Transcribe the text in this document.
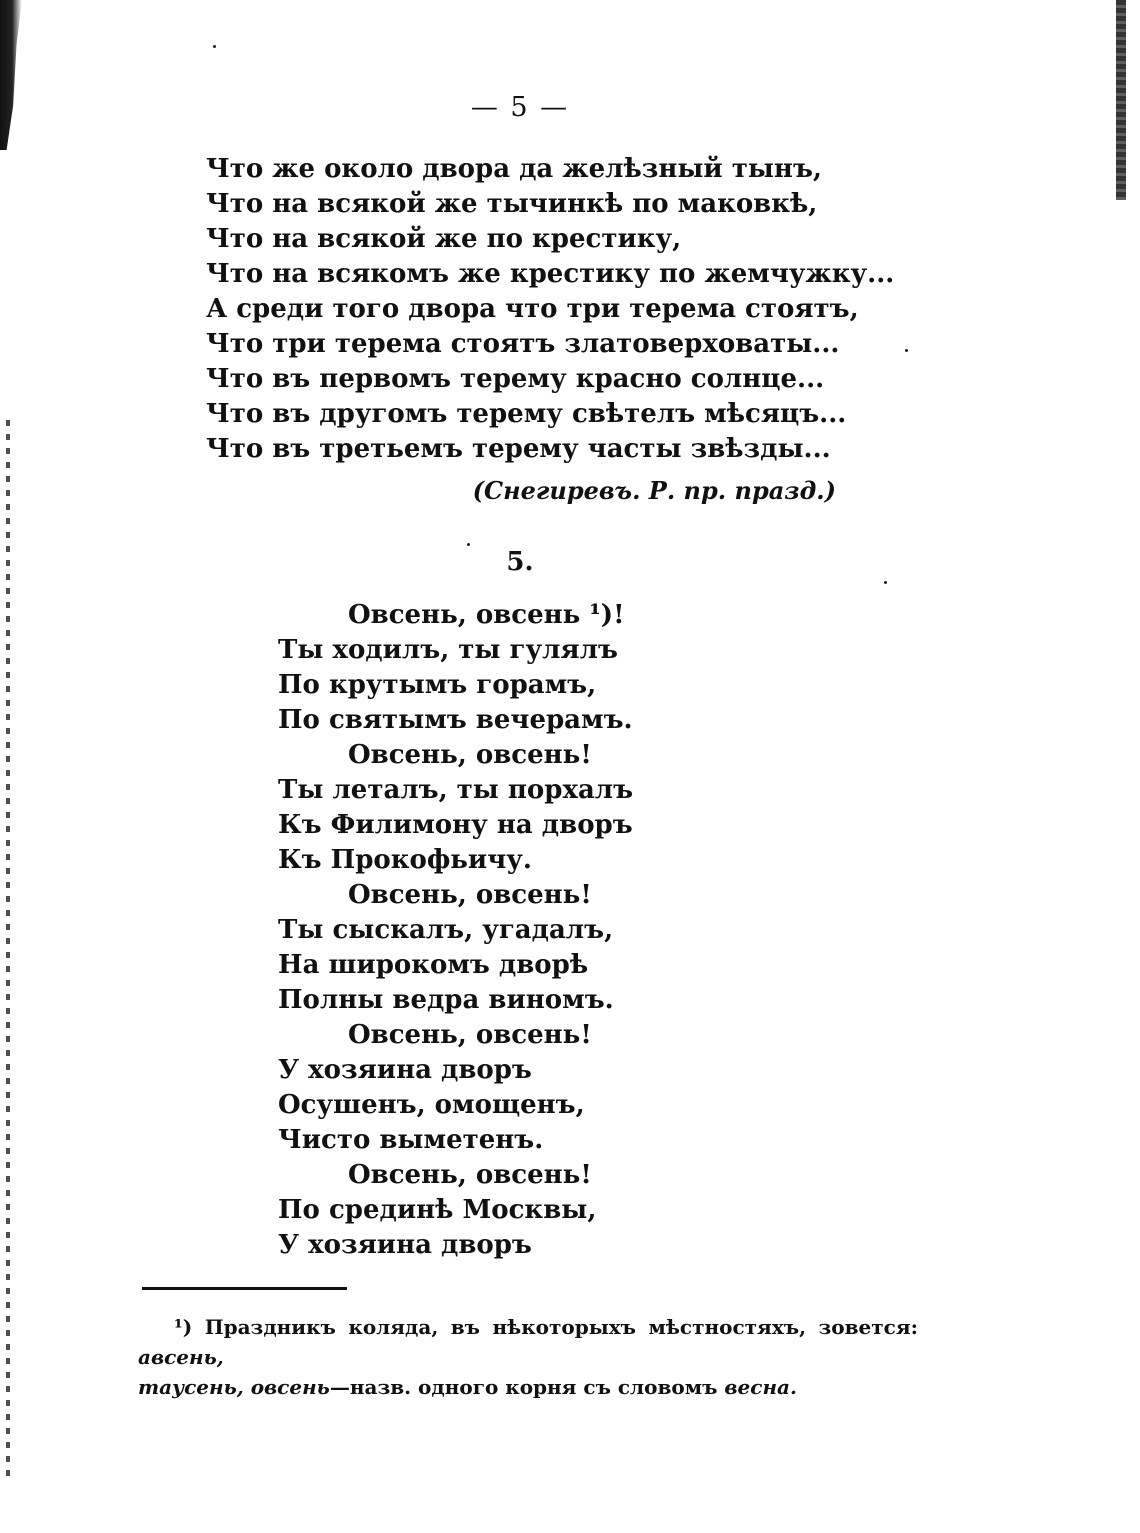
— 5 —
Что же около двора да желѣзный тынъ,
Что на всякой же тычинкѣ по маковкѣ,
Что на всякой же по крестику,
Что на всякомъ же крестику по жемчужку...
А среди того двора что три терема стоятъ,
Что три терема стоятъ златоверховаты...
Что въ первомъ терему красно солнце...
Что въ другомъ терему свѣтелъ мѣсяцъ...
Что въ третьемъ терему часты звѣзды...
(Снегиревъ. Р. пр. празд.)
5.
Овсень, овсень ¹)!
Ты ходилъ, ты гулялъ
По крутымъ горамъ,
По святымъ вечерамъ.
Овсень, овсень!
Ты леталъ, ты порхалъ
Къ Филимону на дворъ
Къ Прокофьичу.
Овсень, овсень!
Ты сыскалъ, угадалъ,
На широкомъ дворѣ
Полны ведра виномъ.
Овсень, овсень!
У хозяина дворъ
Осушенъ, омощенъ,
Чисто выметенъ.
Овсень, овсень!
По срединѣ Москвы,
У хозяина дворъ
¹) Праздникъ коляда, въ нѣкоторыхъ мѣстностяхъ, зовется: авсень,
таусень, овсень—назв. одного корня съ словомъ весна.
